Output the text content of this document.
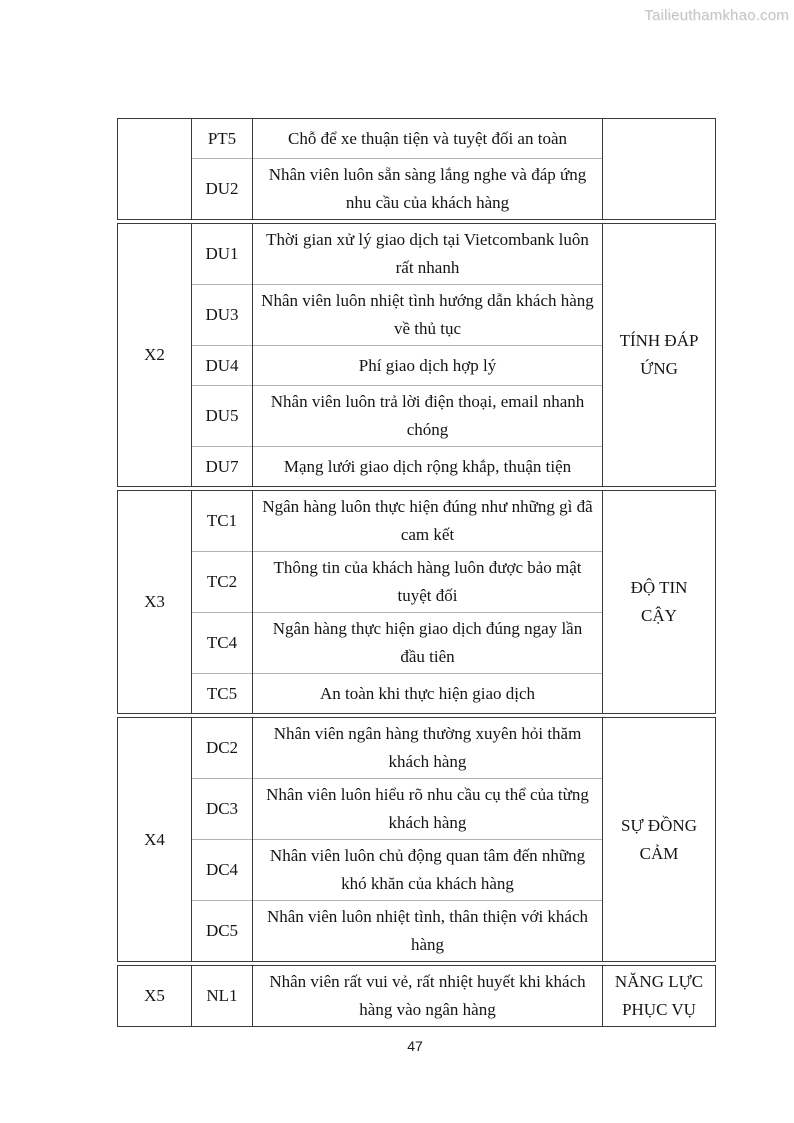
Tailieuthamkhao.com
	PT5	Chỗ để xe thuận tiện và tuyệt đối an toàn	
	DU2	Nhân viên luôn sẵn sàng lắng nghe và đáp ứng nhu cầu của khách hàng	
X2	DU1	Thời gian xử lý giao dịch tại Vietcombank luôn rất nhanh	TÍNH ĐÁP ỨNG
	DU3	Nhân viên luôn nhiệt tình hướng dẫn khách hàng về thủ tục	
	DU4	Phí giao dịch hợp lý	
	DU5	Nhân viên luôn trả lời điện thoại, email nhanh chóng	
	DU7	Mạng lưới giao dịch rộng khắp, thuận tiện	
X3	TC1	Ngân hàng luôn thực hiện đúng như những gì đã cam kết	ĐỘ TIN CẬY
	TC2	Thông tin của khách hàng luôn được bảo mật tuyệt đối	
	TC4	Ngân hàng thực hiện giao dịch đúng ngay lần đầu tiên	
	TC5	An toàn khi thực hiện giao dịch	
X4	DC2	Nhân viên ngân hàng thường xuyên hỏi thăm khách hàng	SỰ ĐỒNG CẢM
	DC3	Nhân viên luôn hiểu rõ nhu cầu cụ thể của từng khách hàng	
	DC4	Nhân viên luôn chủ động quan tâm đến những khó khăn của khách hàng	
	DC5	Nhân viên luôn nhiệt tình, thân thiện với khách hàng	
X5	NL1	Nhân viên rất vui vẻ, rất nhiệt huyết khi khách hàng vào ngân hàng	NĂNG LỰC PHỤC VỤ
47
